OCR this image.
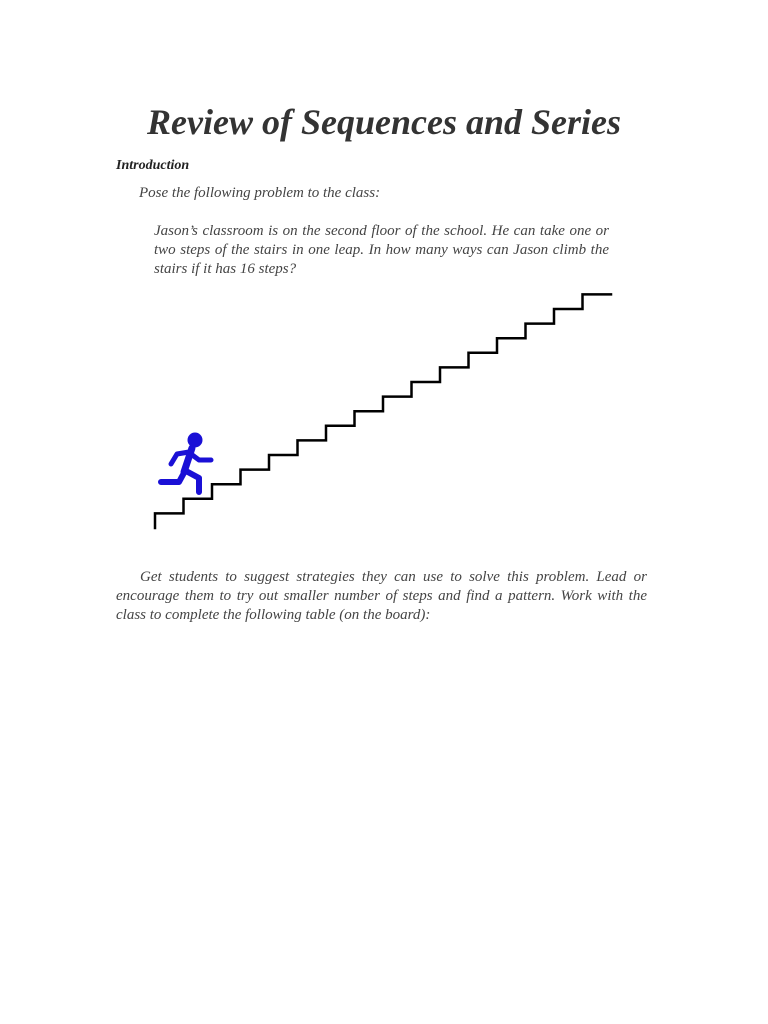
Review of Sequences and Series

Introduction

Pose the following problem to the class:

Jason’s classroom is on the second floor of the school. He can take one or two steps of the stairs in one leap. In how many ways can Jason climb the stairs if it has 16 steps?

Get students to suggest strategies they can use to solve this problem. Lead or encourage them to try out smaller number of steps and find a pattern. Work with the class to complete the following table (on the board):
